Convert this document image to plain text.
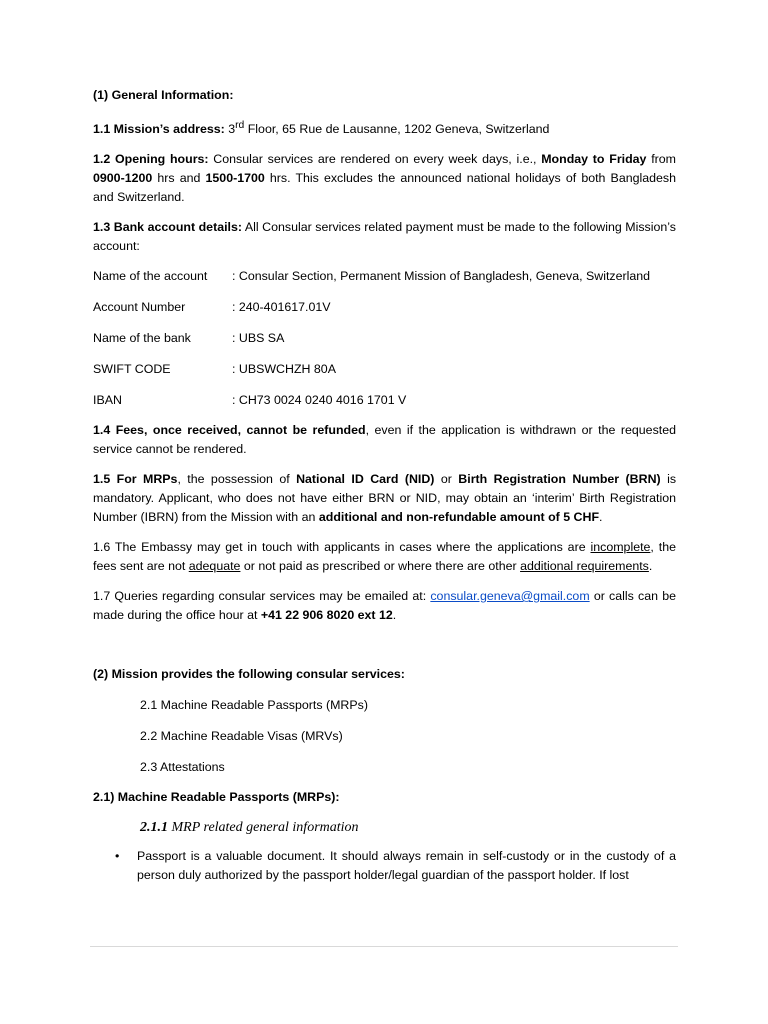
(1) General Information:

1.1 Mission’s address: 3rd Floor, 65 Rue de Lausanne, 1202 Geneva, Switzerland

1.2 Opening hours: Consular services are rendered on every week days, i.e., Monday to Friday from 0900-1200 hrs and 1500-1700 hrs. This excludes the announced national holidays of both Bangladesh and Switzerland.

1.3 Bank account details: All Consular services related payment must be made to the following Mission’s account:

Name of the account	: Consular Section, Permanent Mission of Bangladesh, Geneva, Switzerland
Account Number	: 240-401617.01V
Name of the bank	: UBS SA
SWIFT CODE	: UBSWCHZH 80A
IBAN	: CH73 0024 0240 4016 1701 V

1.4 Fees, once received, cannot be refunded, even if the application is withdrawn or the requested service cannot be rendered.

1.5 For MRPs, the possession of National ID Card (NID) or Birth Registration Number (BRN) is mandatory. Applicant, who does not have either BRN or NID, may obtain an ‘interim’ Birth Registration Number (IBRN) from the Mission with an additional and non-refundable amount of 5 CHF.

1.6 The Embassy may get in touch with applicants in cases where the applications are incomplete, the fees sent are not adequate or not paid as prescribed or where there are other additional requirements.

1.7 Queries regarding consular services may be emailed at: consular.geneva@gmail.com or calls can be made during the office hour at +41 22 906 8020 ext 12.

(2) Mission provides the following consular services:

2.1 Machine Readable Passports (MRPs)

2.2 Machine Readable Visas (MRVs)

2.3 Attestations

2.1) Machine Readable Passports (MRPs):

2.1.1 MRP related general information

•	Passport is a valuable document. It should always remain in self-custody or in the custody of a person duly authorized by the passport holder/legal guardian of the passport holder. If lost
